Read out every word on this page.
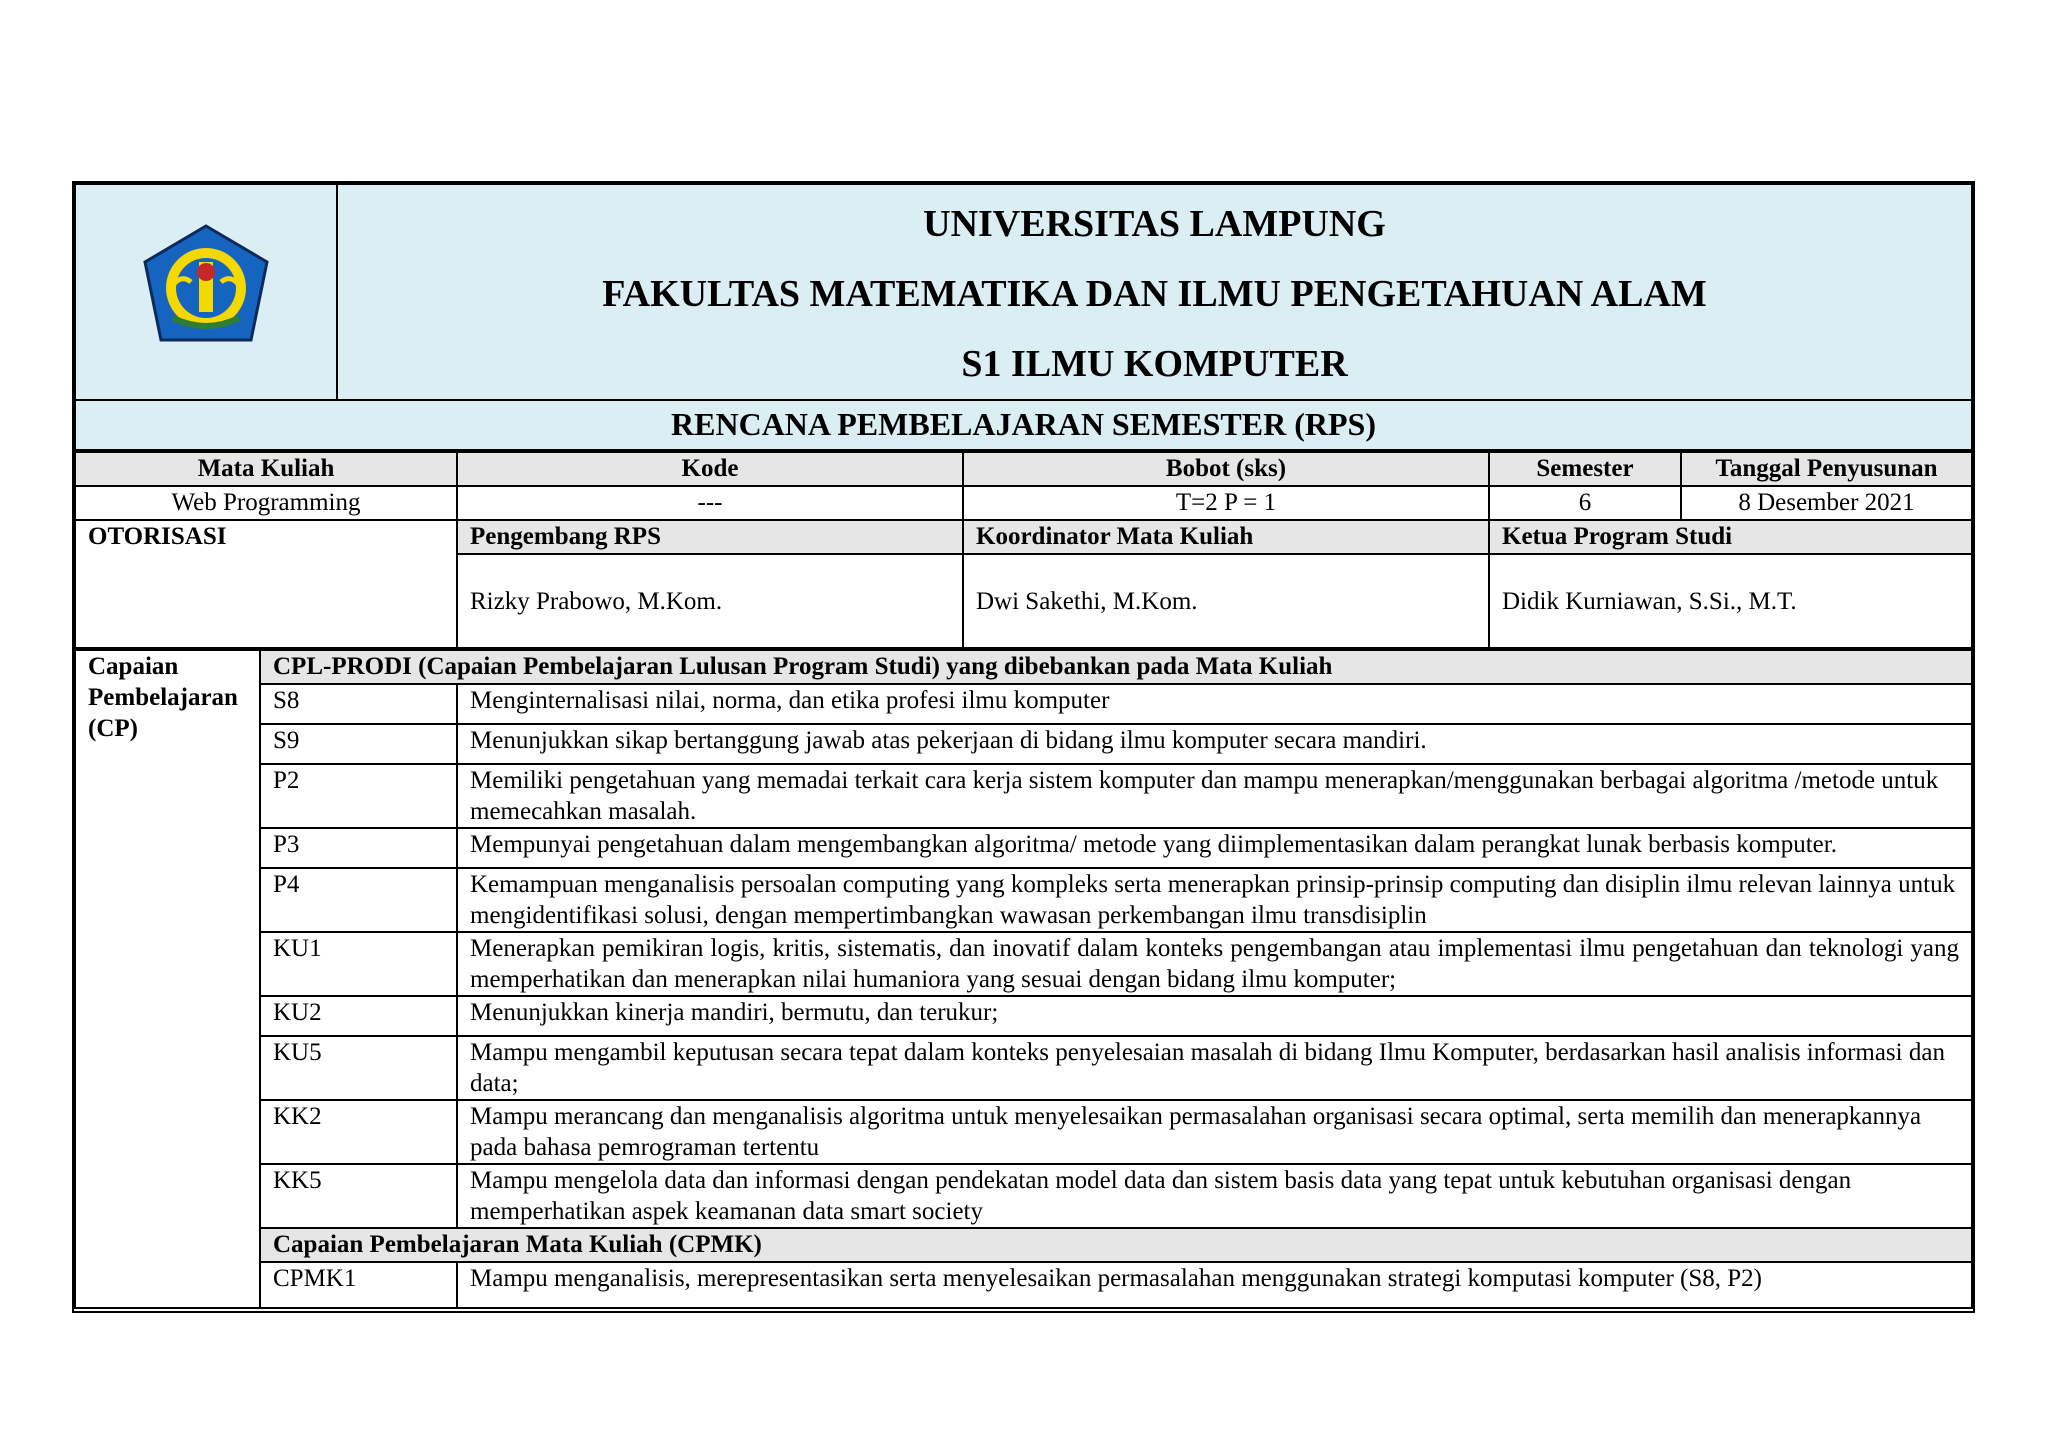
UNIVERSITAS LAMPUNG
FAKULTAS MATEMATIKA DAN ILMU PENGETAHUAN ALAM
S1 ILMU KOMPUTER

RENCANA PEMBELAJARAN SEMESTER (RPS)
Mata Kuliah	Kode	Bobot (sks)	Semester	Tanggal Penyusunan
Web Programming	---	T=2 P = 1	6	8 Desember 2021
OTORISASI	Pengembang RPS	Koordinator Mata Kuliah	Ketua Program Studi	
	Rizky Prabowo, M.Kom.	Dwi Sakethi, M.Kom.	Didik Kurniawan, S.Si., M.T.	
Capaian Pembelajaran (CP)	CPL-PRODI (Capaian Pembelajaran Lulusan Program Studi) yang dibebankan pada Mata Kuliah	
	S8	Menginternalisasi nilai, norma, dan etika profesi ilmu komputer
	S9	Menunjukkan sikap bertanggung jawab atas pekerjaan di bidang ilmu komputer secara mandiri.
	P2	Memiliki pengetahuan yang memadai terkait cara kerja sistem komputer dan mampu menerapkan/menggunakan berbagai algoritma /metode untuk memecahkan masalah.
	P3	Mempunyai pengetahuan dalam mengembangkan algoritma/ metode yang diimplementasikan dalam perangkat lunak berbasis komputer.
	P4	Kemampuan menganalisis persoalan computing yang kompleks serta menerapkan prinsip-prinsip computing dan disiplin ilmu relevan lainnya untuk mengidentifikasi solusi, dengan mempertimbangkan wawasan perkembangan ilmu transdisiplin
	KU1	Menerapkan pemikiran logis, kritis, sistematis, dan inovatif dalam konteks pengembangan atau implementasi ilmu pengetahuan dan teknologi yang memperhatikan dan menerapkan nilai humaniora yang sesuai dengan bidang ilmu komputer;
	KU2	Menunjukkan kinerja mandiri, bermutu, dan terukur;
	KU5	Mampu mengambil keputusan secara tepat dalam konteks penyelesaian masalah di bidang Ilmu Komputer, berdasarkan hasil analisis informasi dan data;
	KK2	Mampu merancang dan menganalisis algoritma untuk menyelesaikan permasalahan organisasi secara optimal, serta memilih dan menerapkannya pada bahasa pemrograman tertentu
	KK5	Mampu mengelola data dan informasi dengan pendekatan model data dan sistem basis data yang tepat untuk kebutuhan organisasi dengan memperhatikan aspek keamanan data smart society
	Capaian Pembelajaran Mata Kuliah (CPMK)	
	CPMK1	Mampu menganalisis, merepresentasikan serta menyelesaikan permasalahan menggunakan strategi komputasi komputer (S8, P2)
